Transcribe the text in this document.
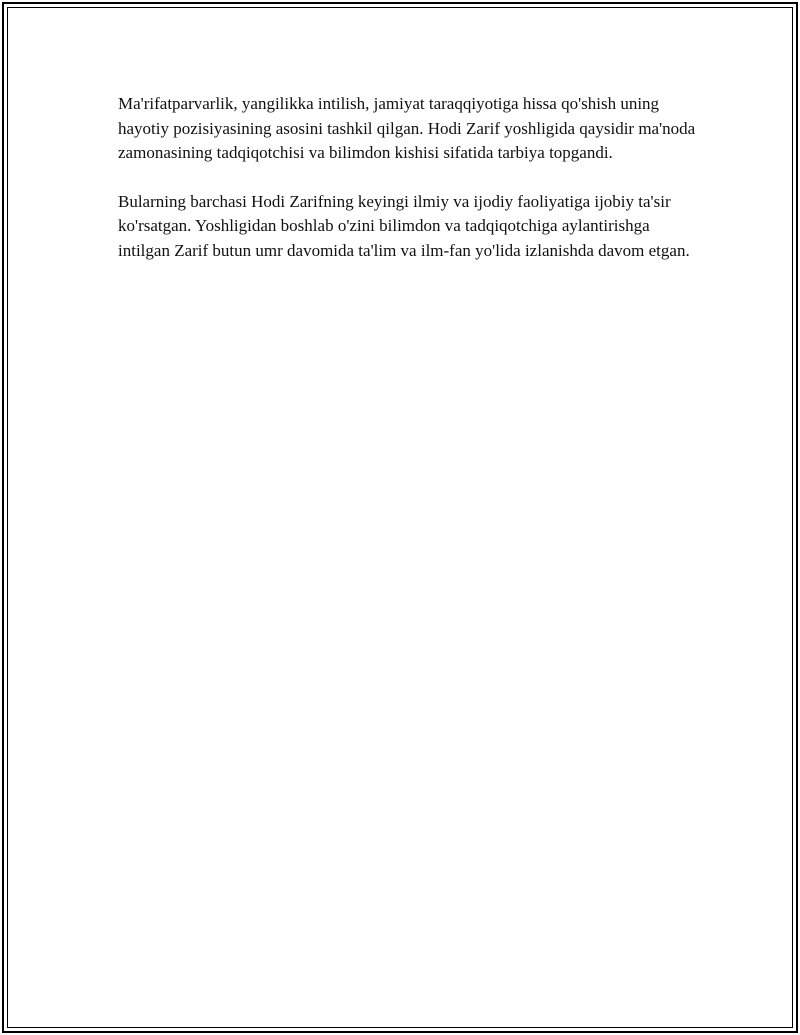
Ma'rifatparvarlik, yangilikka intilish, jamiyat taraqqiyotiga hissa qo'shish uning hayotiy pozisiyasining asosini tashkil qilgan. Hodi Zarif yoshligida qaysidir ma'noda zamonasining tadqiqotchisi va bilimdon kishisi sifatida tarbiya topgandi.

Bularning barchasi Hodi Zarifning keyingi ilmiy va ijodiy faoliyatiga ijobiy ta'sir ko'rsatgan. Yoshligidan boshlab o'zini bilimdon va tadqiqotchiga aylantirishga intilgan Zarif butun umr davomida ta'lim va ilm-fan yo'lida izlanishda davom etgan.
